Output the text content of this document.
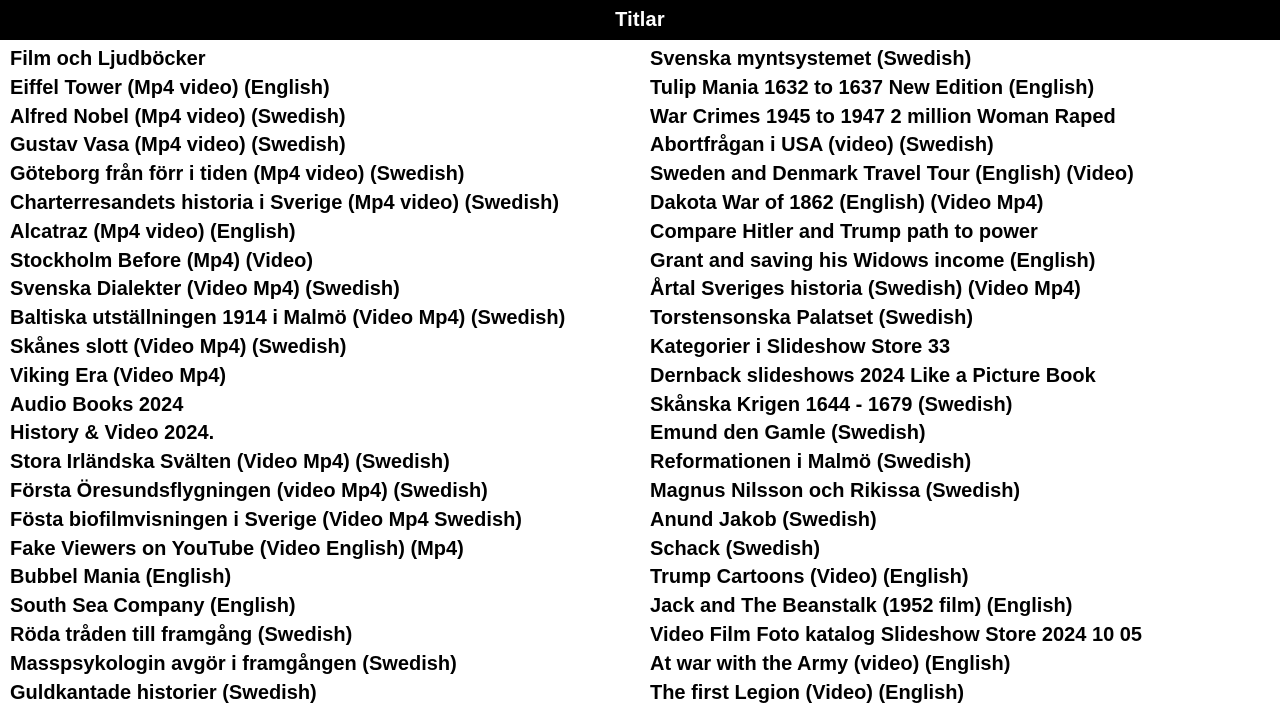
Titlar
Film och Ljudböcker
Eiffel Tower (Mp4 video) (English)
Alfred Nobel (Mp4 video) (Swedish)
Gustav Vasa (Mp4 video) (Swedish)
Göteborg från förr i tiden (Mp4 video) (Swedish)
Charterresandets historia i Sverige (Mp4 video) (Swedish)
Alcatraz (Mp4 video) (English)
Stockholm Before (Mp4) (Video)
Svenska Dialekter (Video Mp4) (Swedish)
Baltiska utställningen 1914 i Malmö (Video Mp4) (Swedish)
Skånes slott (Video Mp4) (Swedish)
Viking Era (Video Mp4)
Audio Books 2024
History & Video 2024.
Stora Irländska Svälten (Video Mp4) (Swedish)
Första Öresundsflygningen (video Mp4) (Swedish)
Fösta biofilmvisningen i Sverige (Video Mp4 Swedish)
Fake Viewers on YouTube (Video English) (Mp4)
Bubbel Mania (English)
South Sea Company (English)
Röda tråden till framgång (Swedish)
Masspsykologin avgör i framgången (Swedish)
Guldkantade historier (Swedish)
Svenska myntsystemet (Swedish)
Tulip Mania 1632 to 1637 New Edition (English)
War Crimes 1945 to 1947 2 million Woman Raped
Abortfrågan i USA (video) (Swedish)
Sweden and Denmark Travel Tour (English) (Video)
Dakota War of 1862 (English) (Video Mp4)
Compare Hitler and Trump path to power
Grant and saving his Widows income (English)
Årtal Sveriges historia (Swedish) (Video Mp4)
Torstensonska Palatset (Swedish)
Kategorier i Slideshow Store 33
Dernback slideshows 2024 Like a Picture Book
Skånska Krigen 1644 - 1679 (Swedish)
Emund den Gamle (Swedish)
Reformationen i Malmö (Swedish)
Magnus Nilsson och Rikissa (Swedish)
Anund Jakob (Swedish)
Schack (Swedish)
Trump Cartoons (Video) (English)
Jack and The Beanstalk (1952 film) (English)
Video Film Foto katalog Slideshow Store 2024 10 05
At war with the Army (video) (English)
The first Legion (Video) (English)
